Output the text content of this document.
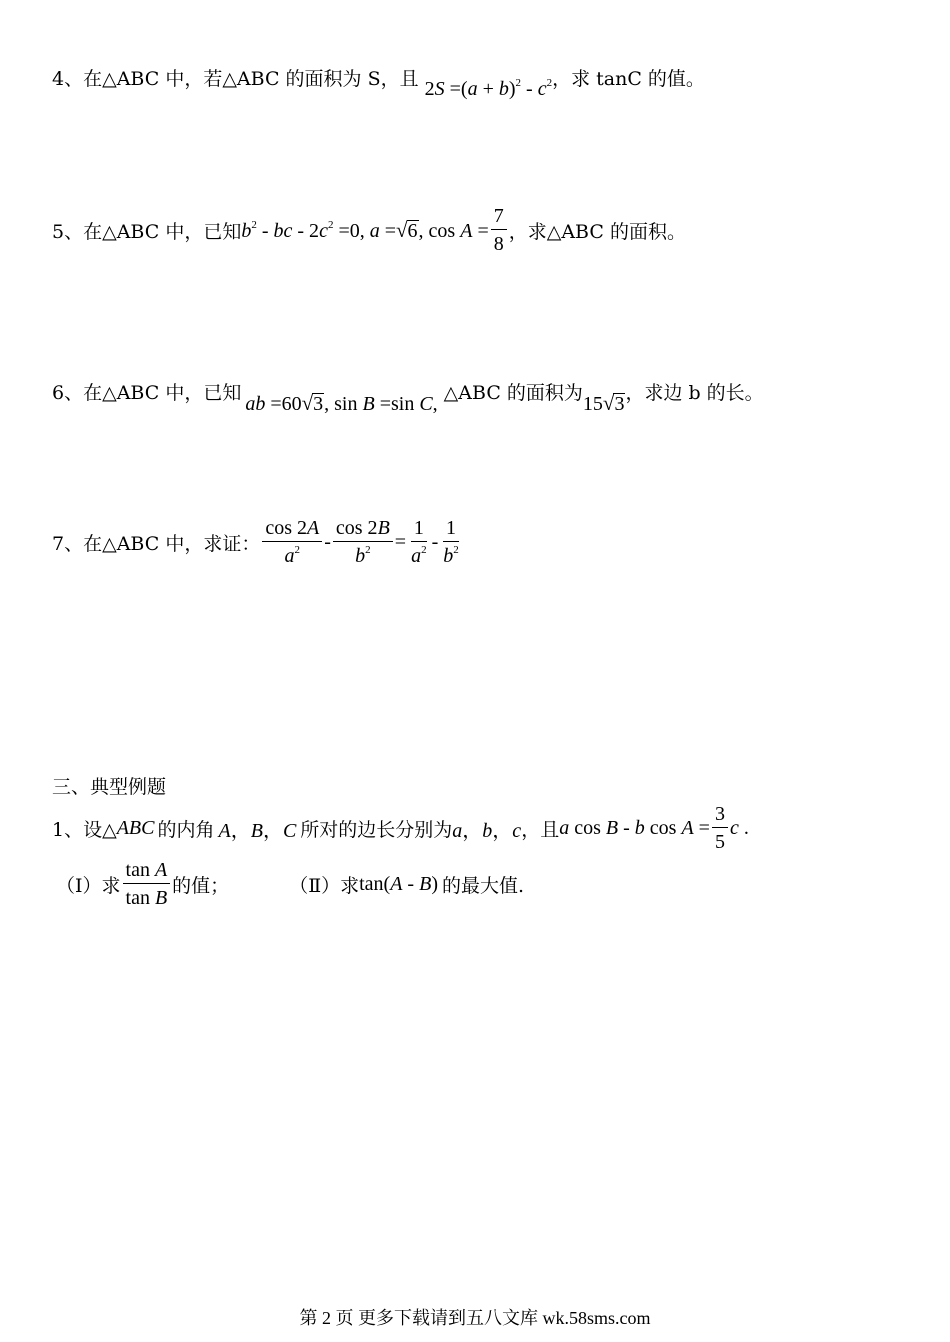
4、在△ABC 中，若△ABC 的面积为 S，且 $2S =(a + b)^2 - c^2$ ，求 tanC 的值。
5、在△ABC 中，已知 $b^2$ - bc - $2c^2 =0$, a =√6, $\cos A = \frac{7}{8}$ ，求△ABC 的面积。
6、在△ABC 中，已知 ab =60√3, sin B =sin C, △ABC 的面积为 15√3 ，求边 b 的长。
7、在△ABC 中，求证： $\frac{\cos 2A}{a^2} - \frac{\cos 2B}{b^2} = \frac{1}{a^2} - \frac{1}{b^2}$
三、典型例题
1、设△ ABC 的内角 A，B，C 所对的边长分别为 a，b，c ，且 a cos B - b $\cos A = \frac{3}{5}$ c .
（Ⅰ）求 $\frac{\text{tan A}}{\text{tan B}}$ 的值；	（Ⅱ）求 tan(A - B) 的最大值.
第 2 页 更多下载请到五八文库 wk.58sms.com
